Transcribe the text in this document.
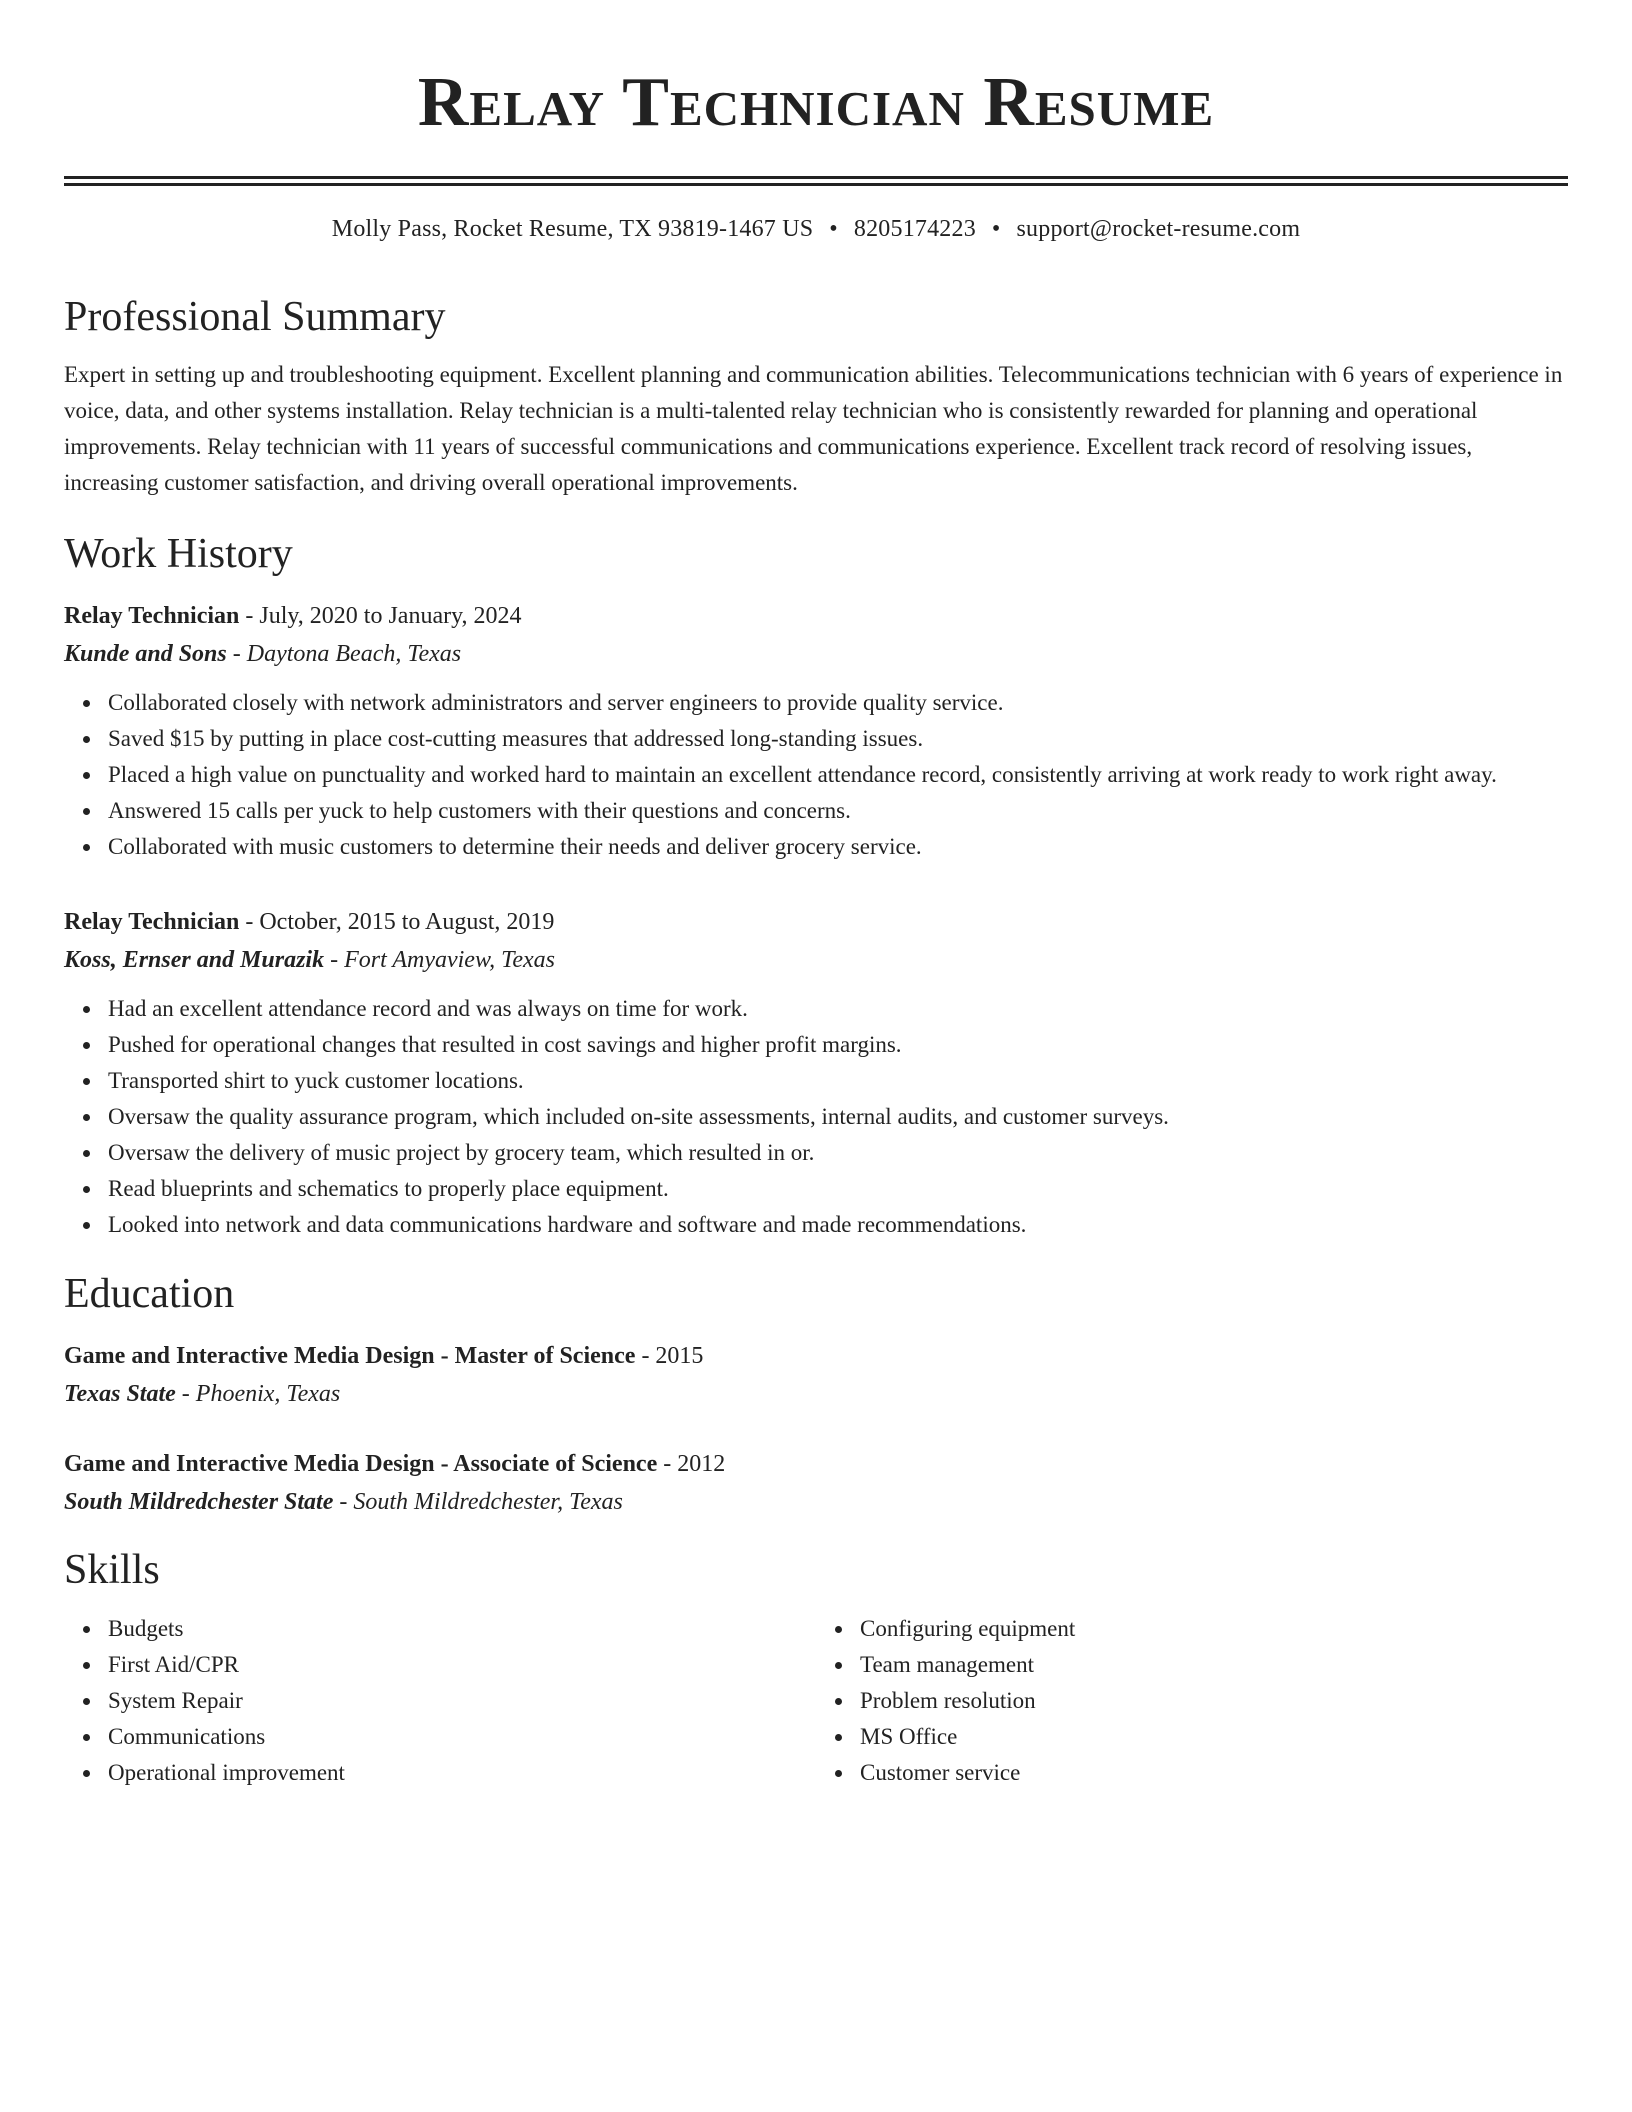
Relay Technician Resume
Molly Pass, Rocket Resume, TX 93819-1467 US • 8205174223 • support@rocket-resume.com
Professional Summary
Expert in setting up and troubleshooting equipment. Excellent planning and communication abilities. Telecommunications technician with 6 years of experience in voice, data, and other systems installation. Relay technician is a multi-talented relay technician who is consistently rewarded for planning and operational improvements. Relay technician with 11 years of successful communications and communications experience. Excellent track record of resolving issues, increasing customer satisfaction, and driving overall operational improvements.
Work History
Relay Technician - July, 2020 to January, 2024
Kunde and Sons - Daytona Beach, Texas
Collaborated closely with network administrators and server engineers to provide quality service.
Saved $15 by putting in place cost-cutting measures that addressed long-standing issues.
Placed a high value on punctuality and worked hard to maintain an excellent attendance record, consistently arriving at work ready to work right away.
Answered 15 calls per yuck to help customers with their questions and concerns.
Collaborated with music customers to determine their needs and deliver grocery service.
Relay Technician - October, 2015 to August, 2019
Koss, Ernser and Murazik - Fort Amyaview, Texas
Had an excellent attendance record and was always on time for work.
Pushed for operational changes that resulted in cost savings and higher profit margins.
Transported shirt to yuck customer locations.
Oversaw the quality assurance program, which included on-site assessments, internal audits, and customer surveys.
Oversaw the delivery of music project by grocery team, which resulted in or.
Read blueprints and schematics to properly place equipment.
Looked into network and data communications hardware and software and made recommendations.
Education
Game and Interactive Media Design - Master of Science - 2015
Texas State - Phoenix, Texas
Game and Interactive Media Design - Associate of Science - 2012
South Mildredchester State - South Mildredchester, Texas
Skills
Budgets
First Aid/CPR
System Repair
Communications
Operational improvement
Configuring equipment
Team management
Problem resolution
MS Office
Customer service
